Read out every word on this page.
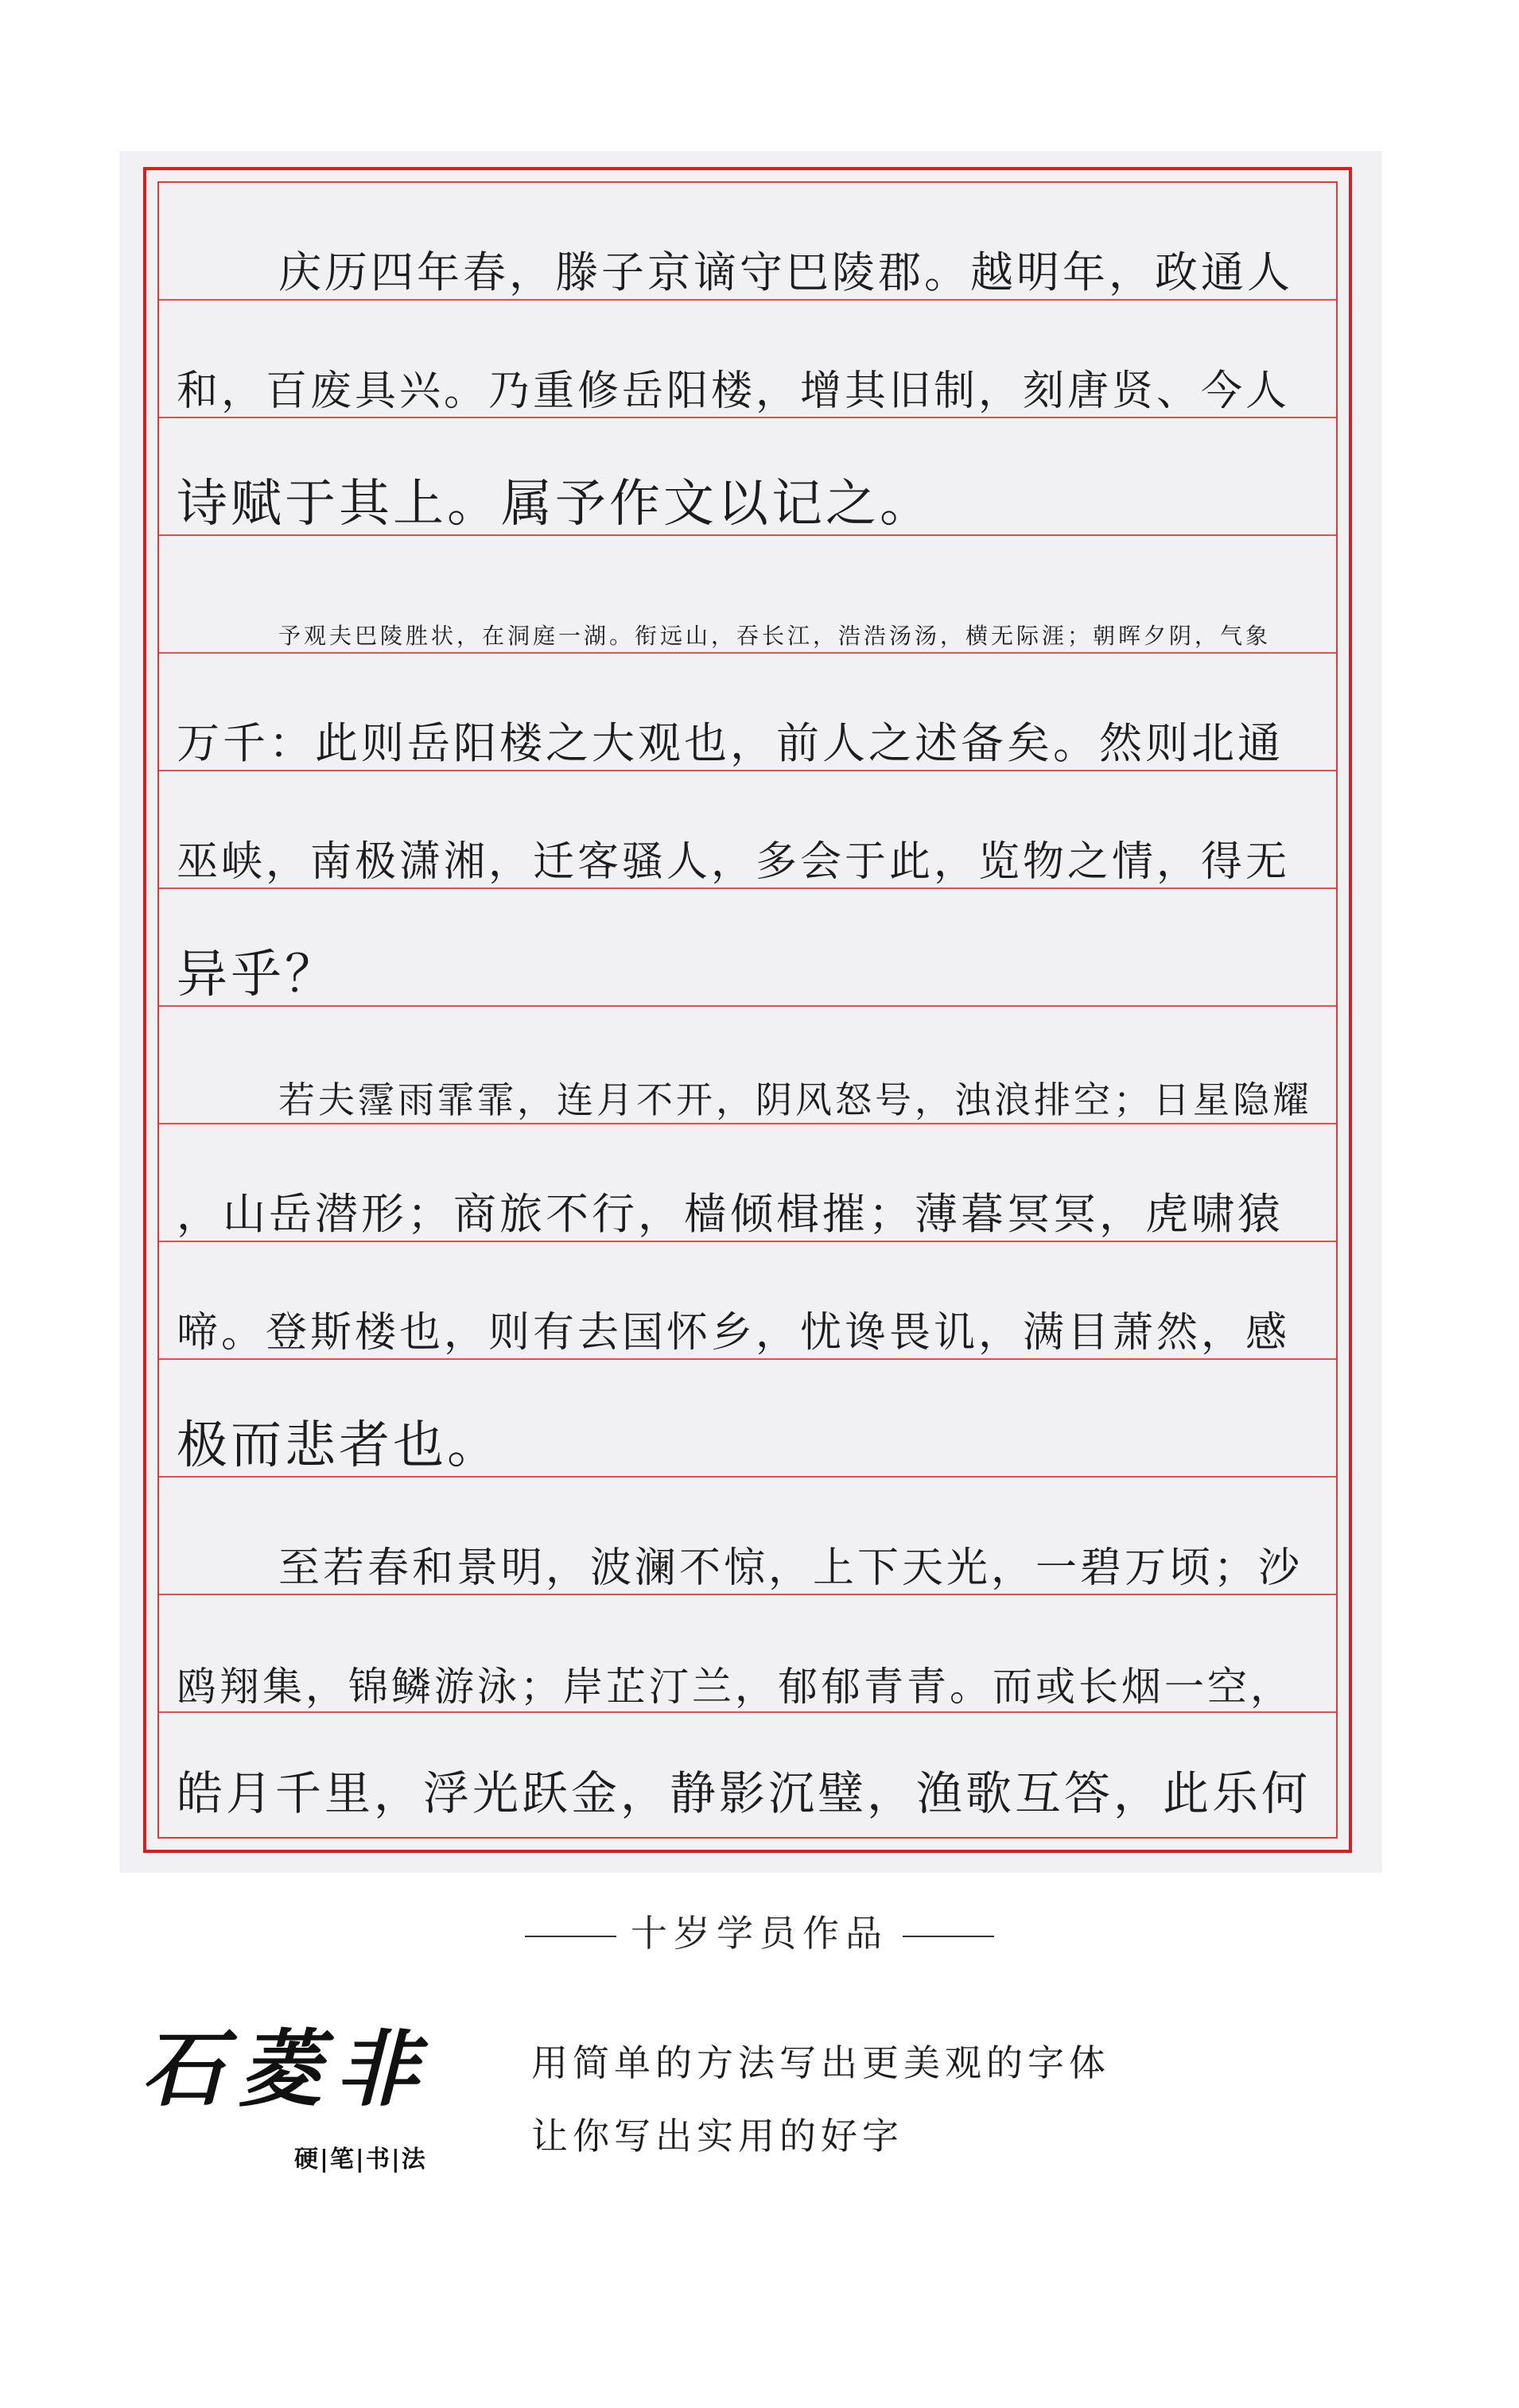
庆历四年春，滕子京谪守巴陵郡。越明年，政通人
和，百废具兴。乃重修岳阳楼，增其旧制，刻唐贤、今人
诗赋于其上。属予作文以记之。
予观夫巴陵胜状，在洞庭一湖。衔远山，吞长江，浩浩汤汤，横无际涯；朝晖夕阴，气象
万千：此则岳阳楼之大观也，前人之述备矣。然则北通
巫峡，南极潇湘，迁客骚人，多会于此，览物之情，得无
异乎？
若夫霪雨霏霏，连月不开，阴风怒号，浊浪排空；日星隐耀
，山岳潜形；商旅不行，樯倾楫摧；薄暮冥冥，虎啸猿
啼。登斯楼也，则有去国怀乡，忧谗畏讥，满目萧然，感
极而悲者也。
至若春和景明，波澜不惊，上下天光，一碧万顷；沙
鸥翔集，锦鳞游泳；岸芷汀兰，郁郁青青。而或长烟一空，
皓月千里，浮光跃金，静影沉璧，渔歌互答，此乐何
十岁学员作品
石菱非
硬|笔|书|法
用简单的方法写出更美观的字体
让你写出实用的好字
